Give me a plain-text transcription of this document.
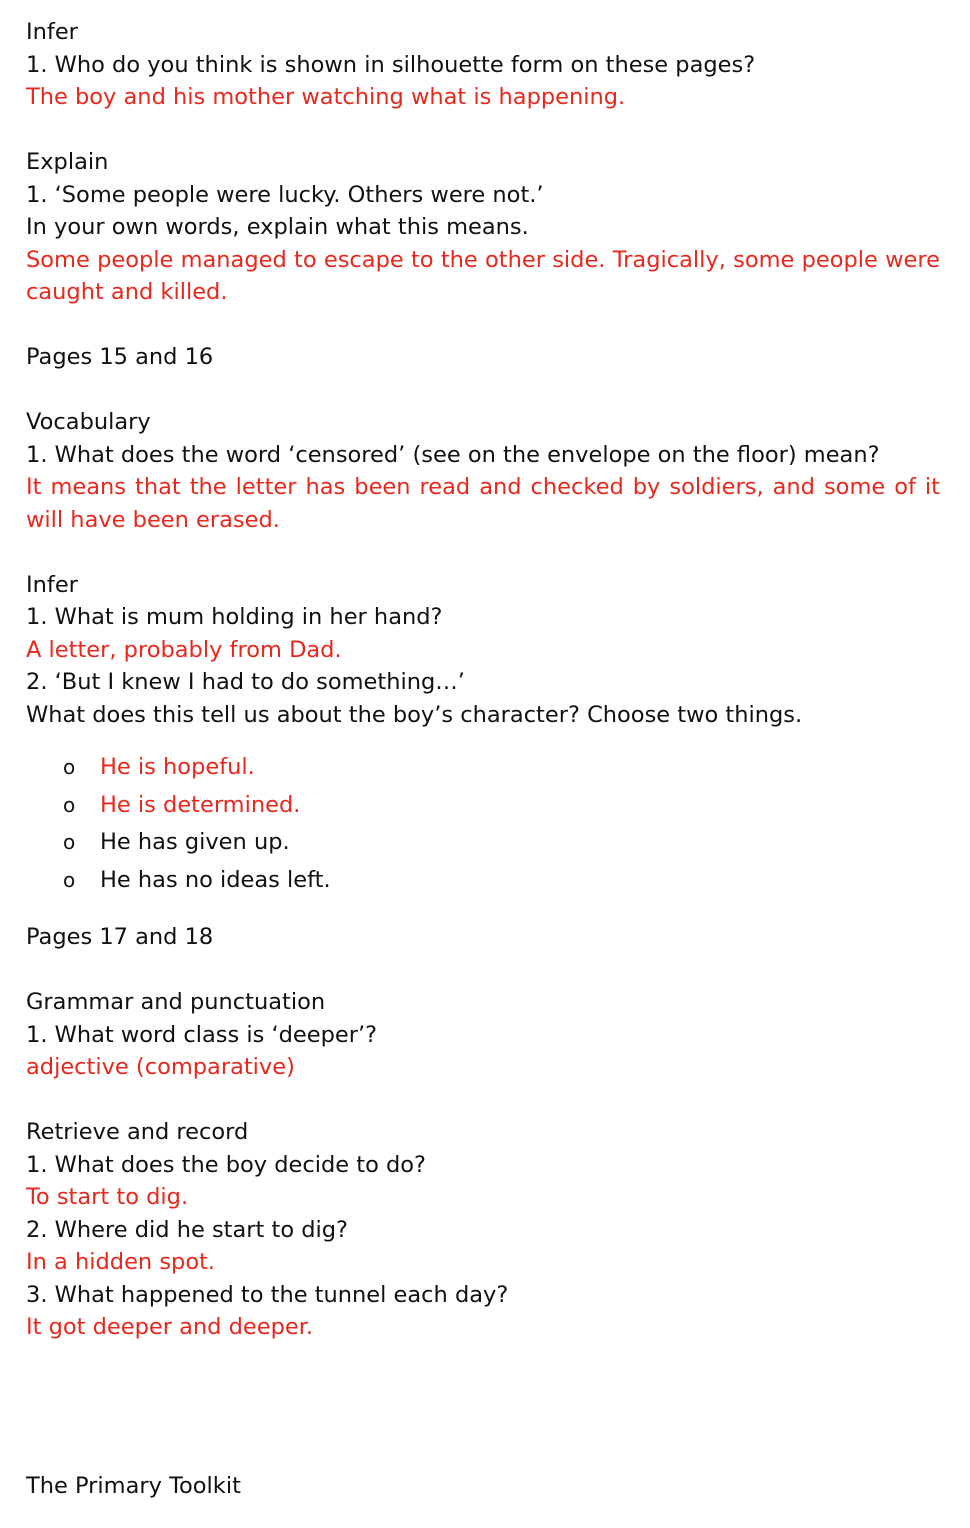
Infer

1. Who do you think is shown in silhouette form on these pages?

The boy and his mother watching what is happening.

Explain

1. ‘Some people were lucky. Others were not.’

In your own words, explain what this means.

Some people managed to escape to the other side. Tragically, some people were caught and killed.

Pages 15 and 16

Vocabulary

1. What does the word ‘censored’ (see on the envelope on the floor) mean?

It means that the letter has been read and checked by soldiers, and some of it will have been erased.

Infer

1. What is mum holding in her hand?

A letter, probably from Dad.

2. ‘But I knew I had to do something…’

What does this tell us about the boy’s character? Choose two things.

o He is hopeful.
o He is determined.
o He has given up.
o He has no ideas left.

Pages 17 and 18

Grammar and punctuation

1. What word class is ‘deeper’?

adjective (comparative)

Retrieve and record

1. What does the boy decide to do?

To start to dig.

2. Where did he start to dig?

In a hidden spot.

3. What happened to the tunnel each day?

It got deeper and deeper.

The Primary Toolkit
